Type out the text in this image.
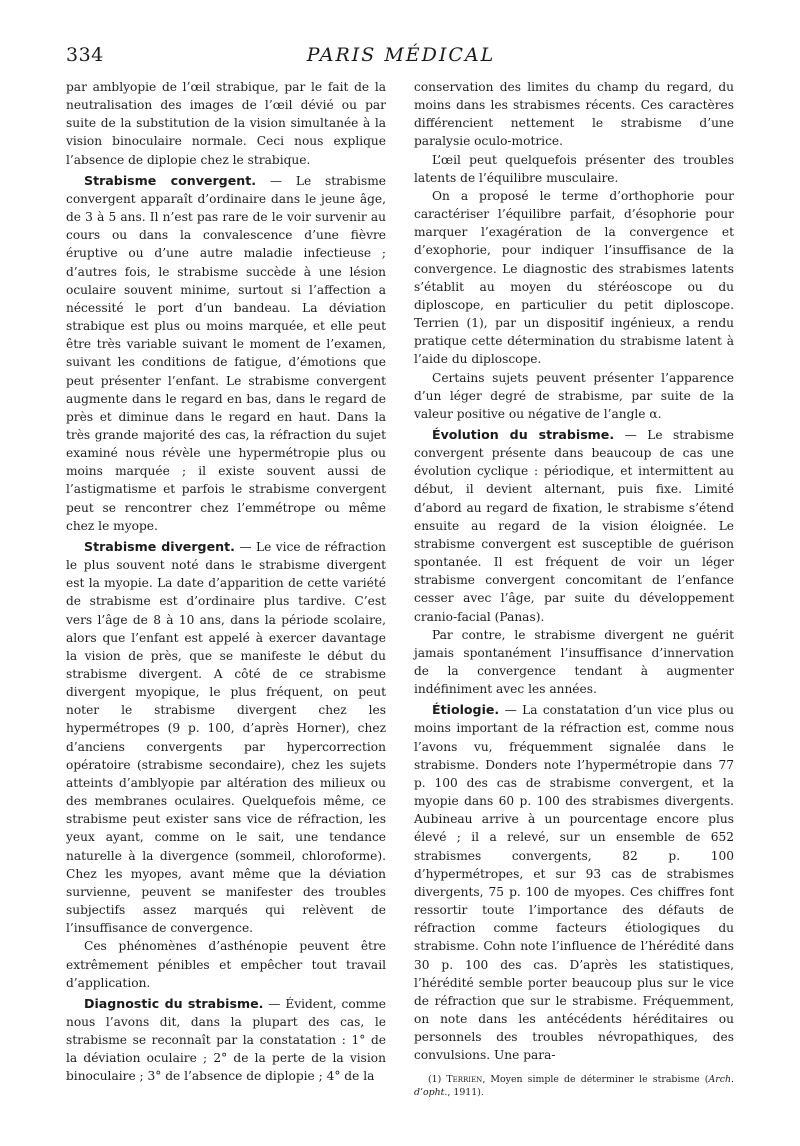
334	PARIS MÉDICAL

par amblyopie de l’œil strabique, par le fait de la neutralisation des images de l’œil dévié ou par suite de la substitution de la vision simultanée à la vision binoculaire normale. Ceci nous explique l’absence de diplopie chez le strabique.

Strabisme convergent. — Le strabisme convergent apparaît d’ordinaire dans le jeune âge, de 3 à 5 ans. Il n’est pas rare de le voir survenir au cours ou dans la convalescence d’une fièvre éruptive ou d’une autre maladie infectieuse ; d’autres fois, le strabisme succède à une lésion oculaire souvent minime, surtout si l’affection a nécessité le port d’un bandeau. La déviation strabique est plus ou moins marquée, et elle peut être très variable suivant le moment de l’examen, suivant les conditions de fatigue, d’émotions que peut présenter l’enfant. Le strabisme convergent augmente dans le regard en bas, dans le regard de près et diminue dans le regard en haut. Dans la très grande majorité des cas, la réfraction du sujet examiné nous révèle une hypermétropie plus ou moins marquée ; il existe souvent aussi de l’astigmatisme et parfois le strabisme convergent peut se rencontrer chez l’emmétrope ou même chez le myope.

Strabisme divergent. — Le vice de réfraction le plus souvent noté dans le strabisme divergent est la myopie. La date d’apparition de cette variété de strabisme est d’ordinaire plus tardive. C’est vers l’âge de 8 à 10 ans, dans la période scolaire, alors que l’enfant est appelé à exercer davantage la vision de près, que se manifeste le début du strabisme divergent. A côté de ce strabisme divergent myopique, le plus fréquent, on peut noter le strabisme divergent chez les hypermétropes (9 p. 100, d’après Horner), chez d’anciens convergents par hypercorrection opératoire (strabisme secondaire), chez les sujets atteints d’amblyopie par altération des milieux ou des membranes oculaires. Quelquefois même, ce strabisme peut exister sans vice de réfraction, les yeux ayant, comme on le sait, une tendance naturelle à la divergence (sommeil, chloroforme). Chez les myopes, avant même que la déviation survienne, peuvent se manifester des troubles subjectifs assez marqués qui relèvent de l’insuffisance de convergence.

Ces phénomènes d’asthénopie peuvent être extrêmement pénibles et empêcher tout travail d’application.

Diagnostic du strabisme. — Évident, comme nous l’avons dit, dans la plupart des cas, le strabisme se reconnaît par la constatation : 1° de la déviation oculaire ; 2° de la perte de la vision binoculaire ; 3° de l’absence de diplopie ; 4° de la

conservation des limites du champ du regard, du moins dans les strabismes récents. Ces caractères différencient nettement le strabisme d’une paralysie oculo-motrice.

L’œil peut quelquefois présenter des troubles latents de l’équilibre musculaire.

On a proposé le terme d’orthophorie pour caractériser l’équilibre parfait, d’ésophorie pour marquer l’exagération de la convergence et d’exophorie, pour indiquer l’insuffisance de la convergence. Le diagnostic des strabismes latents s’établit au moyen du stéréoscope ou du diploscope, en particulier du petit diploscope. Terrien (1), par un dispositif ingénieux, a rendu pratique cette détermination du strabisme latent à l’aide du diploscope.

Certains sujets peuvent présenter l’apparence d’un léger degré de strabisme, par suite de la valeur positive ou négative de l’angle α.

Évolution du strabisme. — Le strabisme convergent présente dans beaucoup de cas une évolution cyclique : périodique, et intermittent au début, il devient alternant, puis fixe. Limité d’abord au regard de fixation, le strabisme s’étend ensuite au regard de la vision éloignée. Le strabisme convergent est susceptible de guérison spontanée. Il est fréquent de voir un léger strabisme convergent concomitant de l’enfance cesser avec l’âge, par suite du développement cranio-facial (Panas).

Par contre, le strabisme divergent ne guérit jamais spontanément l’insuffisance d’innervation de la convergence tendant à augmenter indéfiniment avec les années.

Étiologie. — La constatation d’un vice plus ou moins important de la réfraction est, comme nous l’avons vu, fréquemment signalée dans le strabisme. Donders note l’hypermétropie dans 77 p. 100 des cas de strabisme convergent, et la myopie dans 60 p. 100 des strabismes divergents. Aubineau arrive à un pourcentage encore plus élevé ; il a relevé, sur un ensemble de 652 strabismes convergents, 82 p. 100 d’hypermétropes, et sur 93 cas de strabismes divergents, 75 p. 100 de myopes. Ces chiffres font ressortir toute l’importance des défauts de réfraction comme facteurs étiologiques du strabisme. Cohn note l’influence de l’hérédité dans 30 p. 100 des cas. D’après les statistiques, l’hérédité semble porter beaucoup plus sur le vice de réfraction que sur le strabisme. Fréquemment, on note dans les antécédents héréditaires ou personnels des troubles névropathiques, des convulsions. Une para-

(1) Terrien, Moyen simple de déterminer le strabisme (Arch. d’opht., 1911).
